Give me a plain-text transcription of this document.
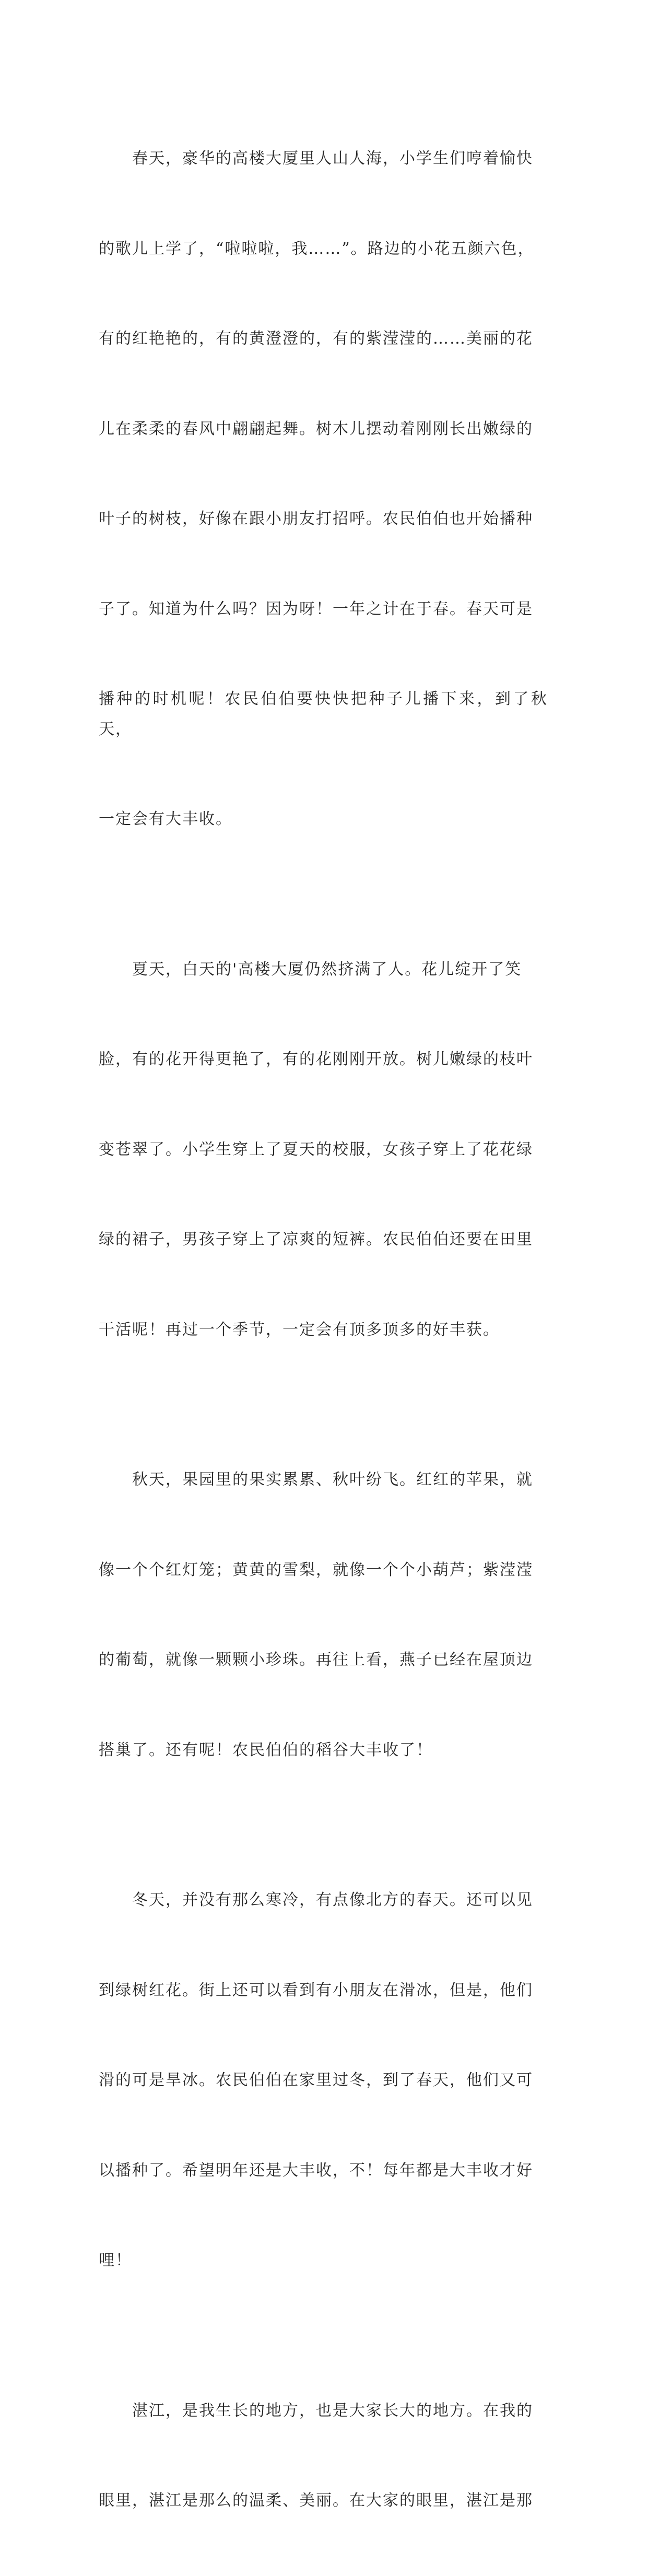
春天，豪华的高楼大厦里人山人海，小学生们哼着愉快

的歌儿上学了，“啦啦啦，我……”。路边的小花五颜六色，

有的红艳艳的，有的黄澄澄的，有的紫滢滢的……美丽的花

儿在柔柔的春风中翩翩起舞。树木儿摆动着刚刚长出嫩绿的

叶子的树枝，好像在跟小朋友打招呼。农民伯伯也开始播种

子了。知道为什么吗？因为呀！一年之计在于春。春天可是

播种的时机呢！农民伯伯要快快把种子儿播下来，到了秋天，

一定会有大丰收。

夏天，白天的'高楼大厦仍然挤满了人。花儿绽开了笑

脸，有的花开得更艳了，有的花刚刚开放。树儿嫩绿的枝叶

变苍翠了。小学生穿上了夏天的校服，女孩子穿上了花花绿

绿的裙子，男孩子穿上了凉爽的短裤。农民伯伯还要在田里

干活呢！再过一个季节，一定会有顶多顶多的好丰获。

秋天，果园里的果实累累、秋叶纷飞。红红的苹果，就

像一个个红灯笼；黄黄的雪梨，就像一个个小葫芦；紫滢滢

的葡萄，就像一颗颗小珍珠。再往上看，燕子已经在屋顶边

搭巢了。还有呢！农民伯伯的稻谷大丰收了！

冬天，并没有那么寒冷，有点像北方的春天。还可以见

到绿树红花。街上还可以看到有小朋友在滑冰，但是，他们

滑的可是旱冰。农民伯伯在家里过冬，到了春天，他们又可

以播种了。希望明年还是大丰收，不！每年都是大丰收才好

哩！

湛江，是我生长的地方，也是大家长大的地方。在我的

眼里，湛江是那么的温柔、美丽。在大家的眼里，湛江是那
